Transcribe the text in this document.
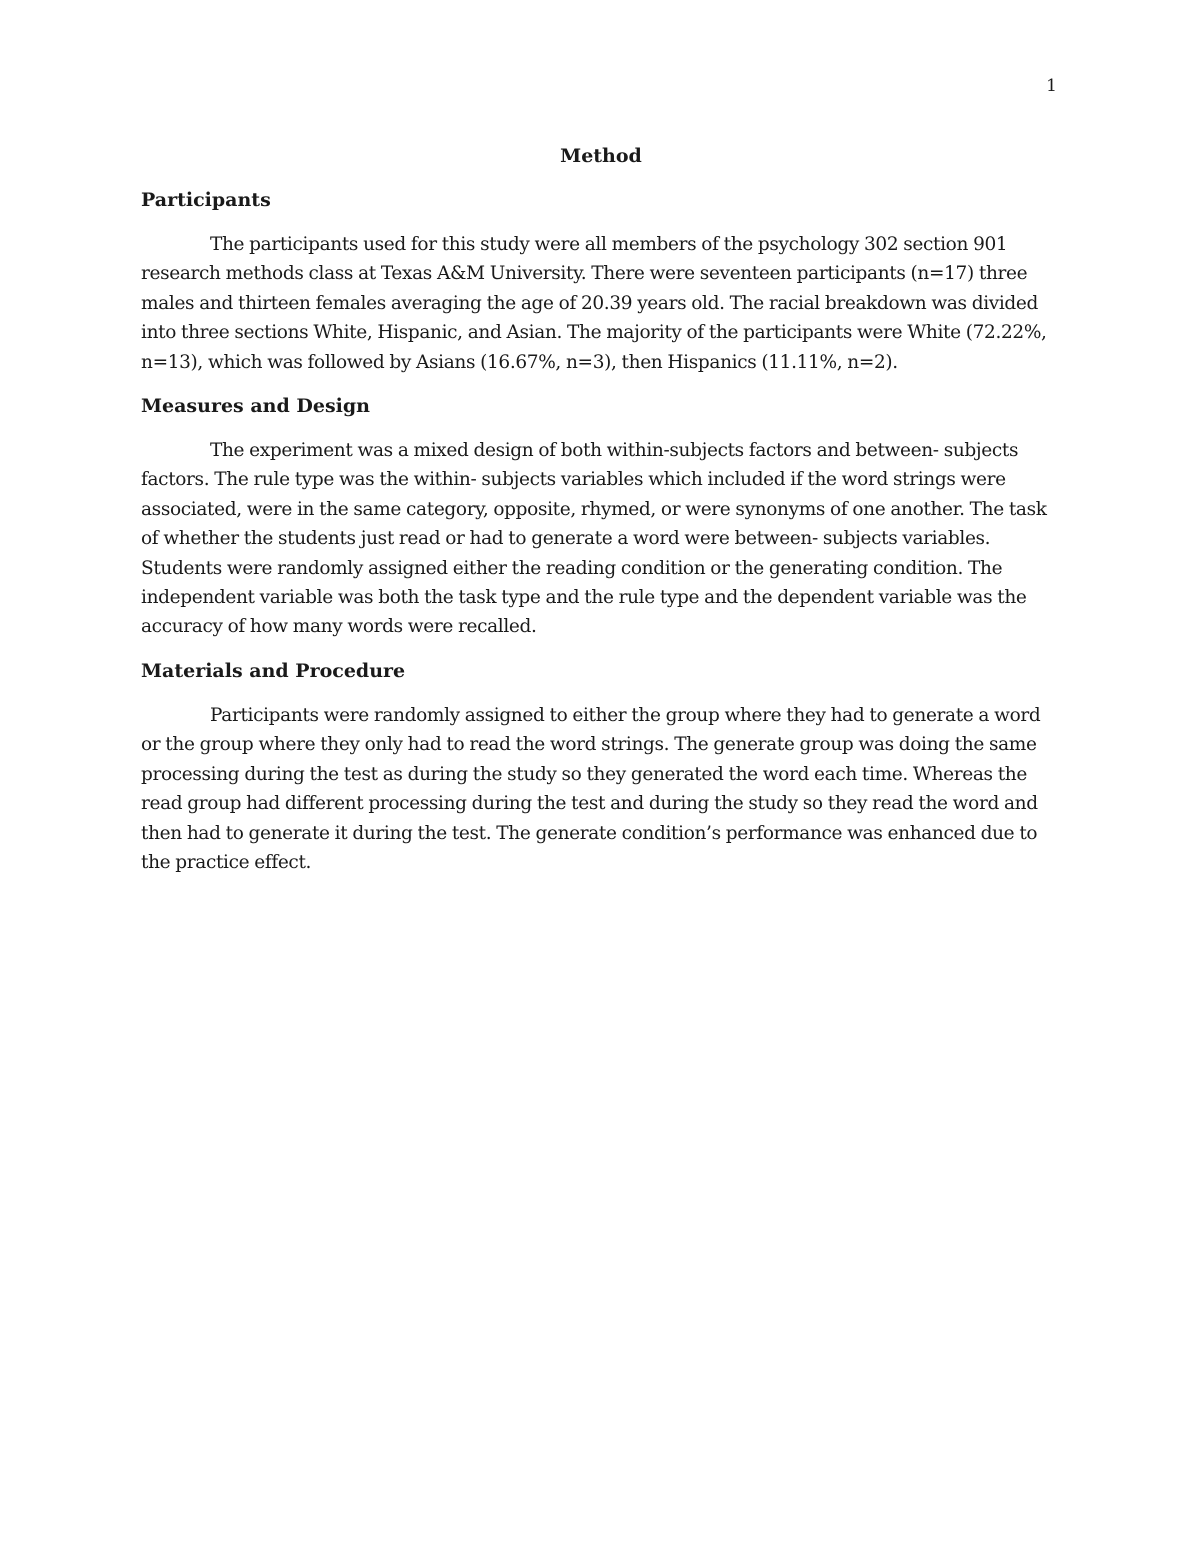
1
Method
Participants

The participants used for this study were all members of the psychology 302 section 901 research methods class at Texas A&M University. There were seventeen participants (n=17) three males and thirteen females averaging the age of 20.39 years old. The racial breakdown was divided into three sections White, Hispanic, and Asian. The majority of the participants were White (72.22%, n=13), which was followed by Asians (16.67%, n=3), then Hispanics (11.11%, n=2).

Measures and Design

The experiment was a mixed design of both within-subjects factors and between- subjects factors. The rule type was the within- subjects variables which included if the word strings were associated, were in the same category, opposite, rhymed, or were synonyms of one another. The task of whether the students just read or had to generate a word were between- subjects variables. Students were randomly assigned either the reading condition or the generating condition. The independent variable was both the task type and the rule type and the dependent variable was the accuracy of how many words were recalled.

Materials and Procedure

Participants were randomly assigned to either the group where they had to generate a word or the group where they only had to read the word strings. The generate group was doing the same processing during the test as during the study so they generated the word each time. Whereas the read group had different processing during the test and during the study so they read the word and then had to generate it during the test. The generate condition’s performance was enhanced due to the practice effect.
